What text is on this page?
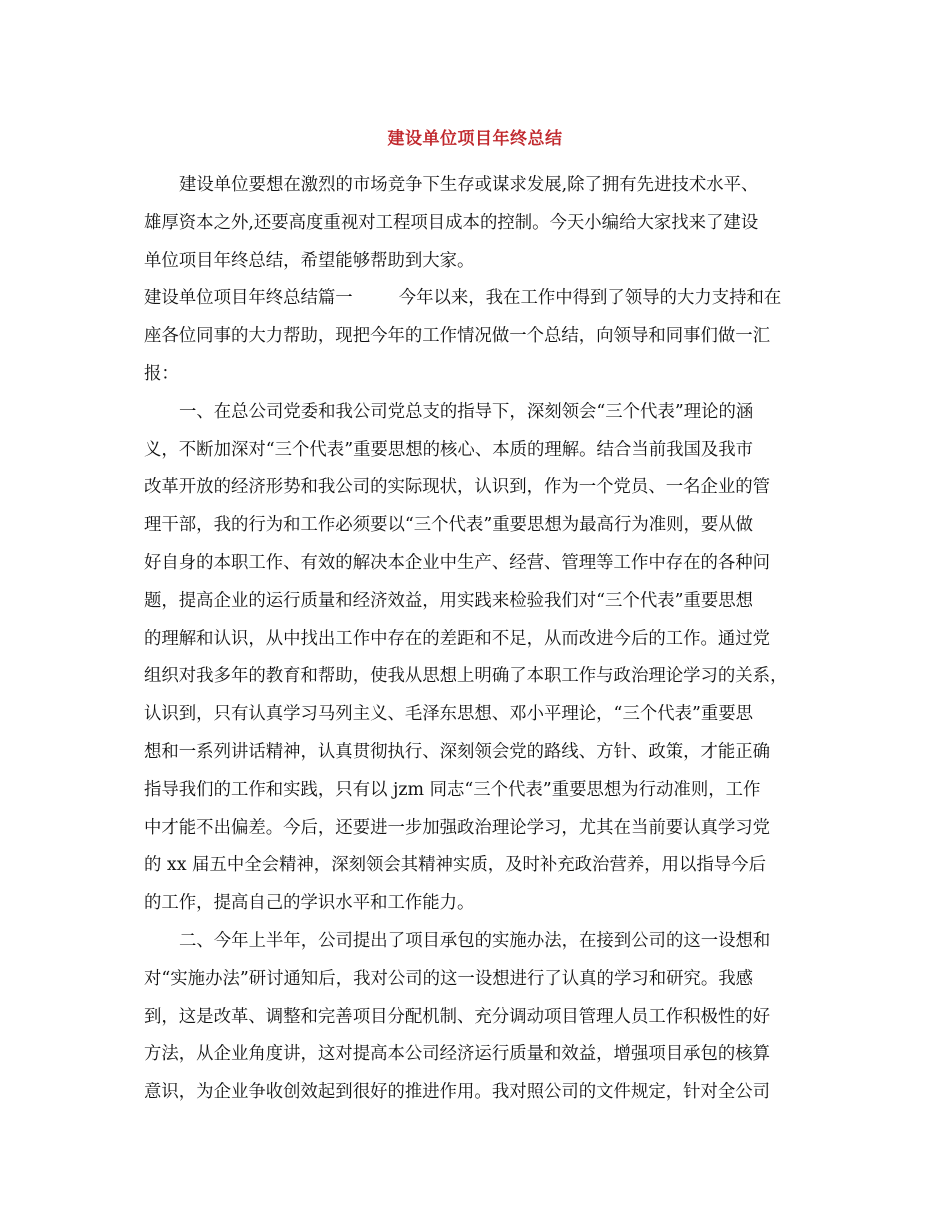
建设单位项目年终总结
建设单位要想在激烈的市场竞争下生存或谋求发展,除了拥有先进技术水平、
雄厚资本之外,还要高度重视对工程项目成本的控制。今天小编给大家找来了建设
单位项目年终总结，希望能够帮助到大家。
建设单位项目年终总结篇一	今年以来，我在工作中得到了领导的大力支持和在
座各位同事的大力帮助，现把今年的工作情况做一个总结，向领导和同事们做一汇
报：
一、在总公司党委和我公司党总支的指导下，深刻领会“三个代表”理论的涵
义，不断加深对“三个代表”重要思想的核心、本质的理解。结合当前我国及我市
改革开放的经济形势和我公司的实际现状，认识到，作为一个党员、一名企业的管
理干部，我的行为和工作必须要以“三个代表”重要思想为最高行为准则，要从做
好自身的本职工作、有效的解决本企业中生产、经营、管理等工作中存在的各种问
题，提高企业的运行质量和经济效益，用实践来检验我们对“三个代表”重要思想
的理解和认识，从中找出工作中存在的差距和不足，从而改进今后的工作。通过党
组织对我多年的教育和帮助，使我从思想上明确了本职工作与政治理论学习的关系，
认识到，只有认真学习马列主义、毛泽东思想、邓小平理论，“三个代表”重要思
想和一系列讲话精神，认真贯彻执行、深刻领会党的路线、方针、政策，才能正确
指导我们的工作和实践，只有以 jzm 同志“三个代表”重要思想为行动准则，工作
中才能不出偏差。今后，还要进一步加强政治理论学习，尤其在当前要认真学习党
的 xx 届五中全会精神，深刻领会其精神实质，及时补充政治营养，用以指导今后
的工作，提高自己的学识水平和工作能力。
二、今年上半年，公司提出了项目承包的实施办法，在接到公司的这一设想和
对“实施办法”研讨通知后，我对公司的这一设想进行了认真的学习和研究。我感
到，这是改革、调整和完善项目分配机制、充分调动项目管理人员工作积极性的好
方法，从企业角度讲，这对提高本公司经济运行质量和效益，增强项目承包的核算
意识，为企业争收创效起到很好的推进作用。我对照公司的文件规定，针对全公司
